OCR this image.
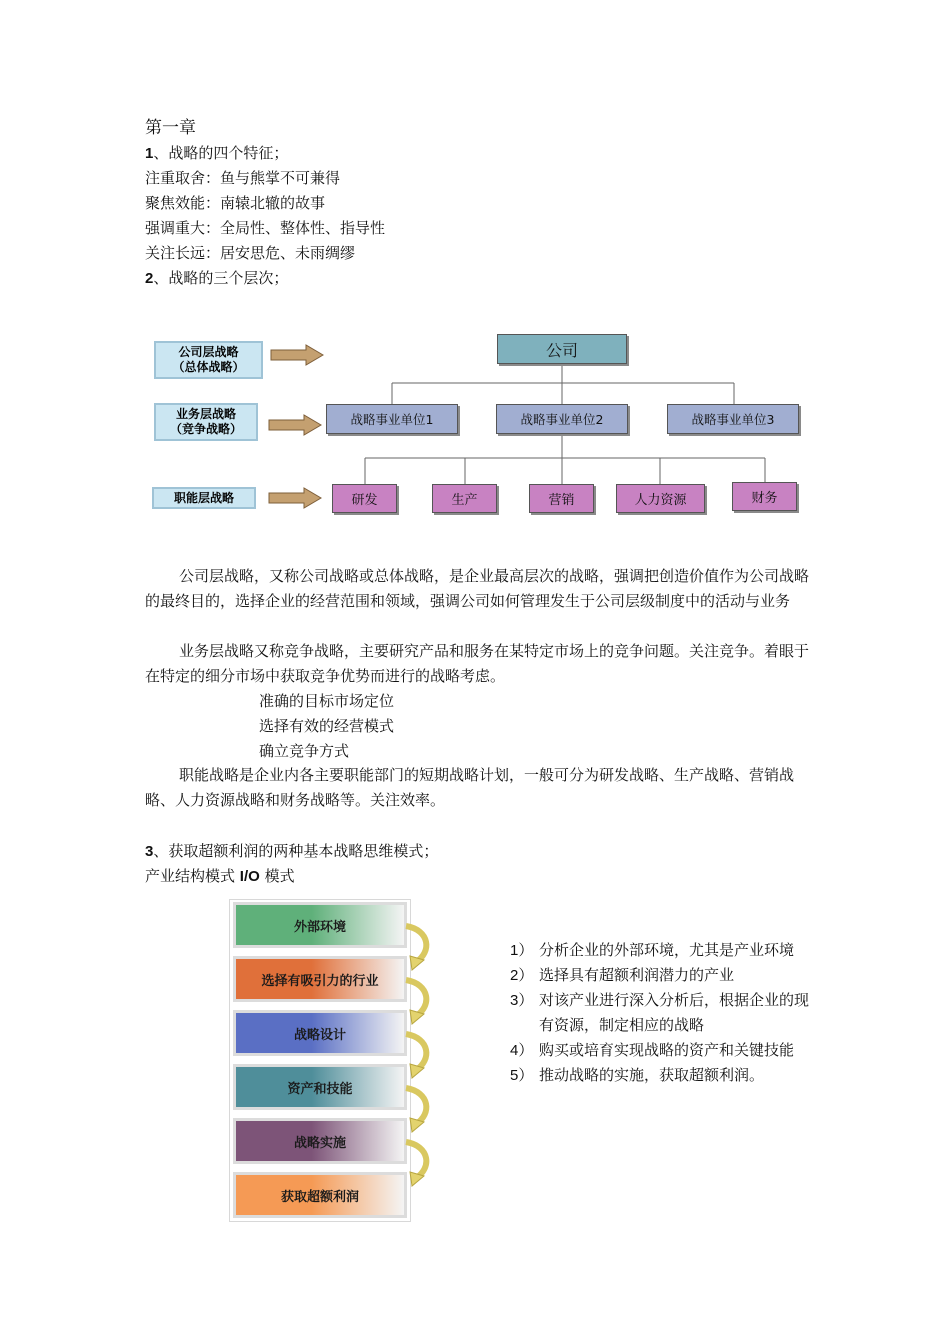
第一章
1、战略的四个特征；
注重取舍：鱼与熊掌不可兼得
聚焦效能：南辕北辙的故事
强调重大：全局性、整体性、指导性
关注长远：居安思危、未雨绸缪
2、战略的三个层次；
公司层战略
（总体战略）
业务层战略
（竞争战略）
职能层战略
公司
战略事业单位1	战略事业单位2	战略事业单位3
研发	生产	营销	人力资源	财务
公司层战略，又称公司战略或总体战略，是企业最高层次的战略，强调把创造价值作为公司战略的最终目的，选择企业的经营范围和领域，强调公司如何管理发生于公司层级制度中的活动与业务
业务层战略又称竞争战略，主要研究产品和服务在某特定市场上的竞争问题。关注竞争。着眼于在特定的细分市场中获取竞争优势而进行的战略考虑。
准确的目标市场定位
选择有效的经营模式
确立竞争方式
职能战略是企业内各主要职能部门的短期战略计划，一般可分为研发战略、生产战略、营销战略、人力资源战略和财务战略等。关注效率。
3、获取超额利润的两种基本战略思维模式；
产业结构模式 I/O 模式
外部环境
选择有吸引力的行业
战略设计
资产和技能
战略实施
获取超额利润
1） 分析企业的外部环境，尤其是产业环境
2） 选择具有超额利润潜力的产业
3） 对该产业进行深入分析后，根据企业的现
有资源，制定相应的战略
4） 购买或培育实现战略的资产和关键技能
5） 推动战略的实施，获取超额利润。
